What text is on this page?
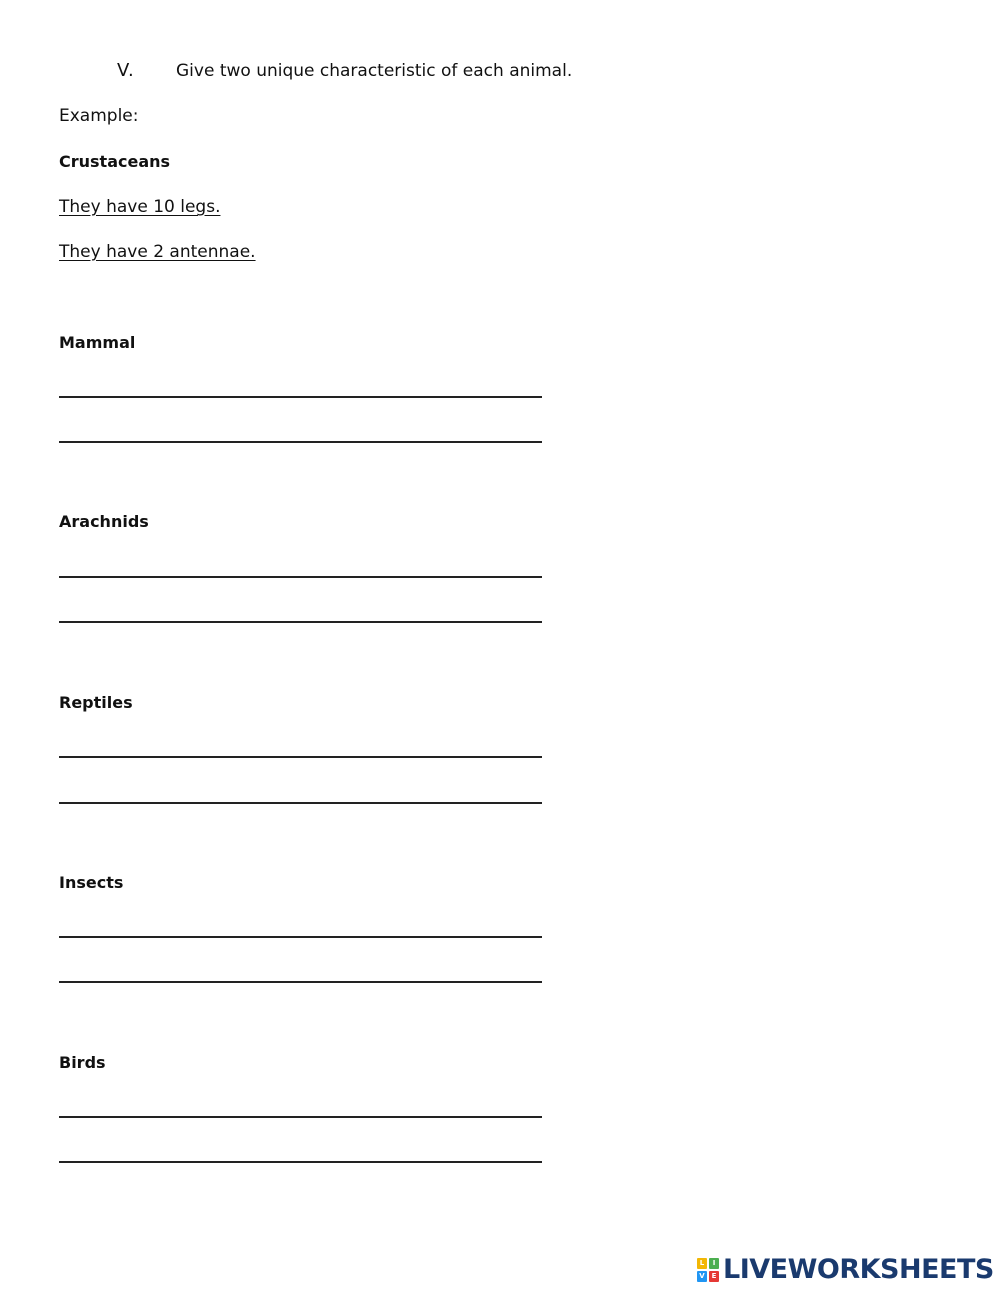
V. Give two unique characteristic of each animal.
Example:
Crustaceans
They have 10 legs.
They have 2 antennae.
Mammal
Arachnids
Reptiles
Insects
Birds
L	I
V E LIVEWORKSHEETS
